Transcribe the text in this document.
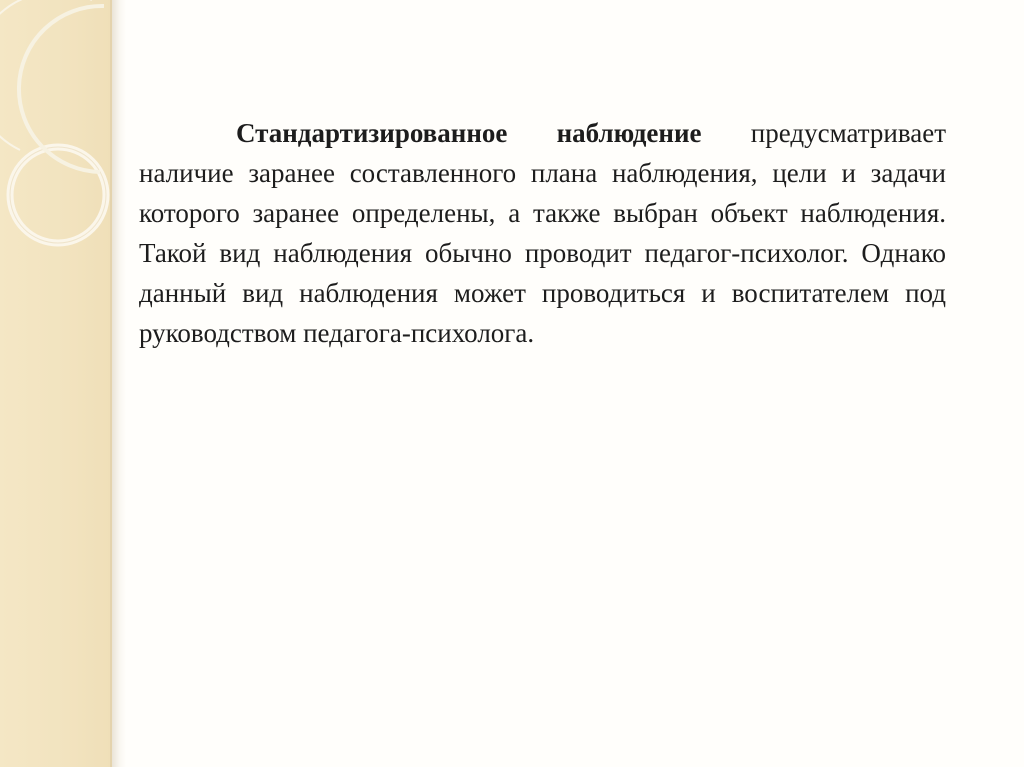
Стандартизированное наблюдение предусматривает наличие заранее составленного плана наблюдения, цели и задачи которого заранее определены, а также выбран объект наблюдения. Такой вид наблюдения обычно проводит педагог-психолог. Однако данный вид наблюдения может проводиться и воспитателем под руководством педагога-психолога.
